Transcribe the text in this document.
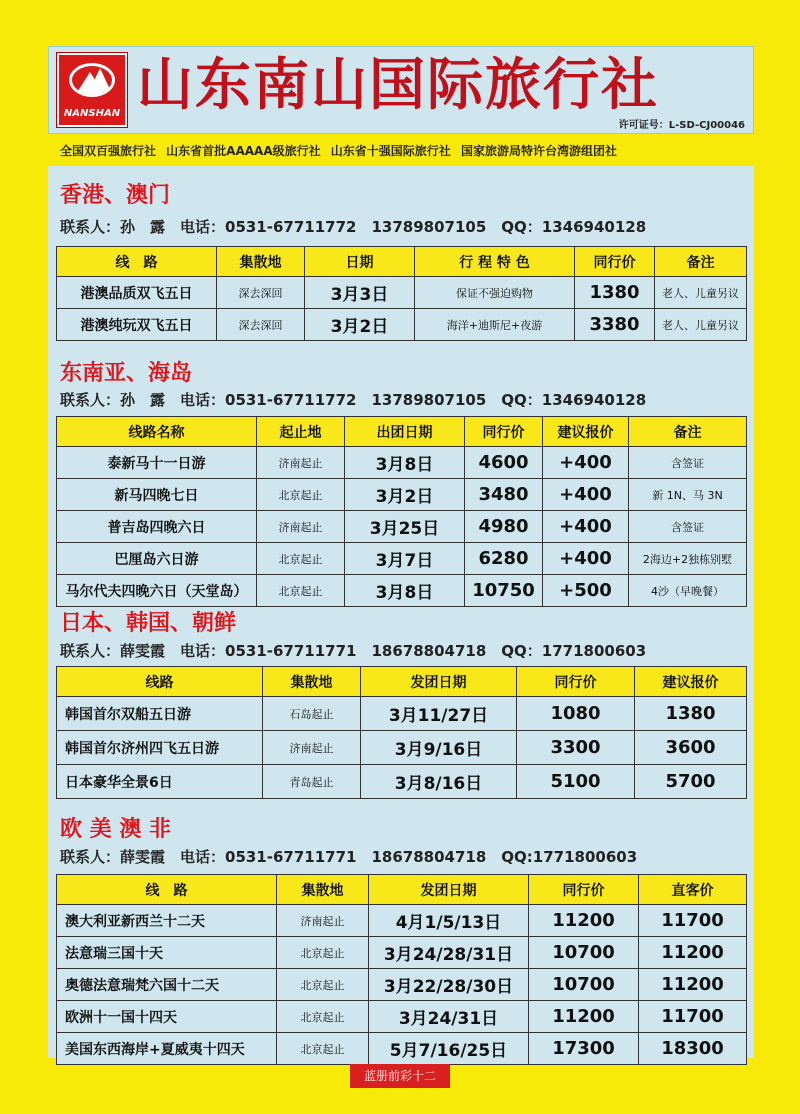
NANSHAN 山东南山国际旅行社
许可证号：L-SD-CJ00046
全国双百强旅行社 山东省首批AAAAA级旅行社 山东省十强国际旅行社 国家旅游局特许台湾游组团社
香港、澳门
联系人：孙　露　电话：0531-67711772　13789807105　QQ：1346940128
线　路	集散地	日期	行 程 特 色	同行价	备注
港澳品质双飞五日	深去深回	3月3日	保证不强迫购物	1380	老人、儿童另议
港澳纯玩双飞五日	深去深回	3月2日	海洋+迪斯尼+夜游	3380	老人、儿童另议
东南亚、海岛
联系人：孙　露　电话：0531-67711772　13789807105　QQ：1346940128
线路名称	起止地	出团日期	同行价	建议报价	备注
泰新马十一日游	济南起止	3月8日	4600	+400	含签证
新马四晚七日	北京起止	3月2日	3480	+400	新 1N、马 3N
普吉岛四晚六日	济南起止	3月25日	4980	+400	含签证
巴厘岛六日游	北京起止	3月7日	6280	+400	2海边+2独栋别墅
马尔代夫四晚六日（天堂岛）	北京起止	3月8日	10750	+500	4沙（早晚餐）
日本、韩国、朝鲜
联系人：薛雯霞　电话：0531-67711771　18678804718　QQ：1771800603
线路	集散地	发团日期	同行价	建议报价
韩国首尔双船五日游	石岛起止	3月11/27日	1080	1380
韩国首尔济州四飞五日游	济南起止	3月9/16日	3300	3600
日本豪华全景6日	青岛起止	3月8/16日	5100	5700
欧 美 澳 非
联系人：薛雯霞　电话：0531-67711771　18678804718　QQ:1771800603
线　路	集散地	发团日期	同行价	直客价
澳大利亚新西兰十二天	济南起止	4月1/5/13日	11200	11700
法意瑞三国十天	北京起止	3月24/28/31日	10700	11200
奥德法意瑞梵六国十二天	北京起止	3月22/28/30日	10700	11200
欧洲十一国十四天	北京起止	3月24/31日	11200	11700
美国东西海岸+夏威夷十四天	北京起止	5月7/16/25日	17300	18300
蓝册前彩十二
